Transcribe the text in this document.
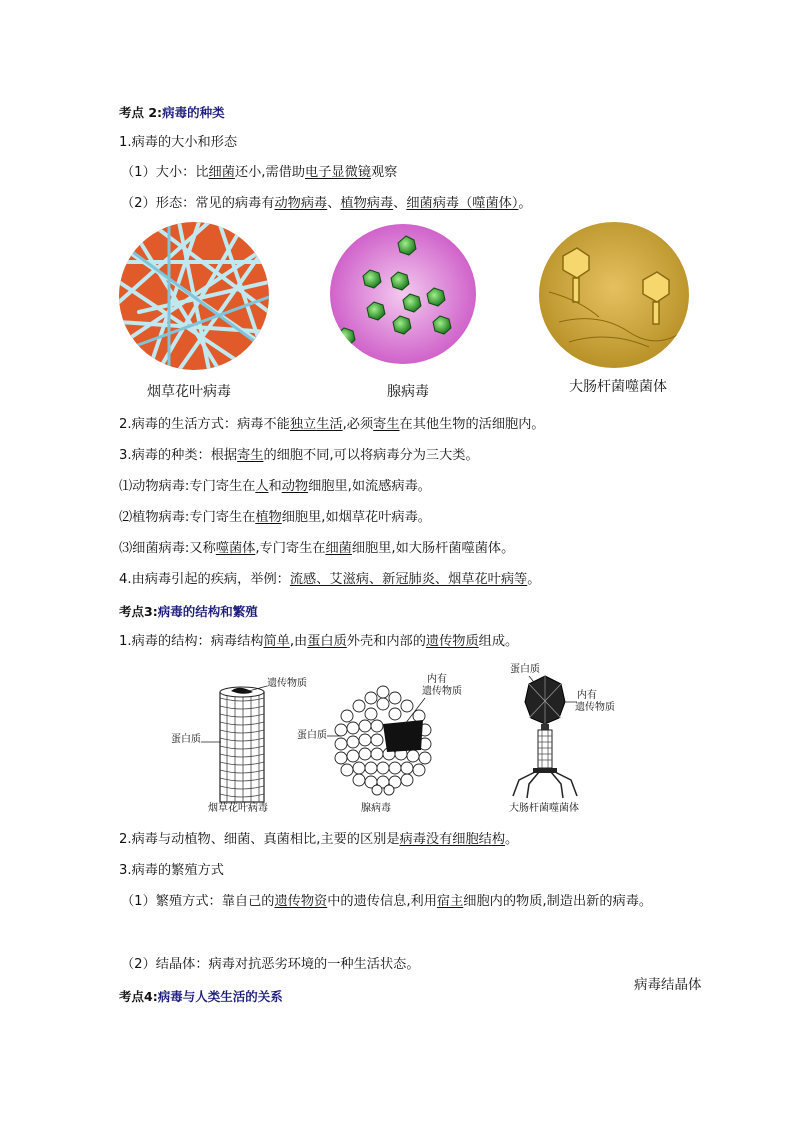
考点 2:病毒的种类
1.病毒的大小和形态
（1）大小：比细菌还小,需借助电子显微镜观察
（2）形态：常见的病毒有动物病毒、植物病毒、细菌病毒（噬菌体）。
烟草花叶病毒	腺病毒	大肠杆菌噬菌体
2.病毒的生活方式：病毒不能独立生活,必须寄生在其他生物的活细胞内。
3.病毒的种类：根据寄生的细胞不同,可以将病毒分为三大类。
⑴动物病毒:专门寄生在人和动物细胞里,如流感病毒。
⑵植物病毒:专门寄生在植物细胞里,如烟草花叶病毒。
⑶细菌病毒:又称噬菌体,专门寄生在细菌细胞里,如大肠杆菌噬菌体。
4.由病毒引起的疾病，举例：流感、艾滋病、新冠肺炎、烟草花叶病等。
考点3:病毒的结构和繁殖
1.病毒的结构：病毒结构简单,由蛋白质外壳和内部的遗传物质组成。
遗传物质
蛋白质
烟草花叶病毒
蛋白质
内有
遗传物质
腺病毒
蛋白质
内有
遗传物质
大肠杆菌噬菌体
2.病毒与动植物、细菌、真菌相比,主要的区别是病毒没有细胞结构。
3.病毒的繁殖方式
（1）繁殖方式：靠自己的遗传物资中的遗传信息,利用宿主细胞内的物质,制造出新的病毒。
（2）结晶体：病毒对抗恶劣环境的一种生活状态。
病毒结晶体
考点4:病毒与人类生活的关系
